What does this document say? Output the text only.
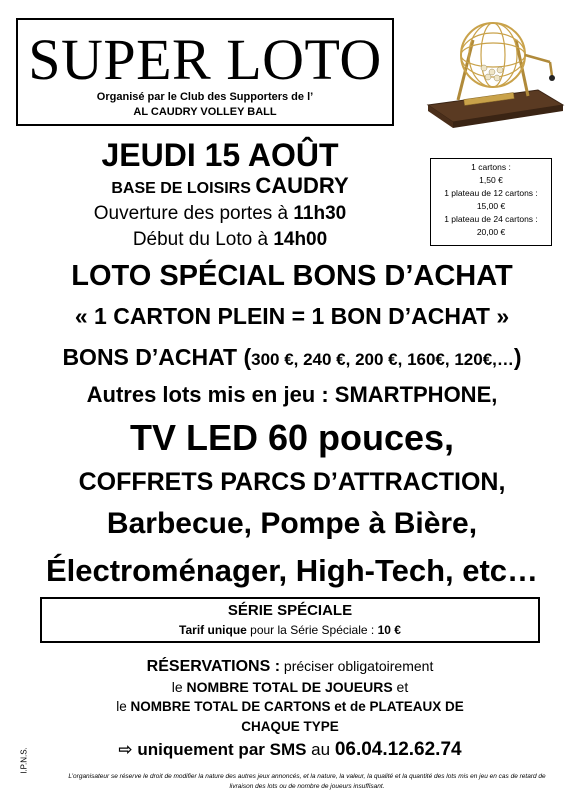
SUPER LOTO
Organisé par le Club des Supporters de l’
AL CAUDRY VOLLEY BALL
JEUDI 15 AOÛT
BASE DE LOISIRS CAUDRY
Ouverture des portes à 11h30
Début du Loto à 14h00
1 cartons :
1,50 €
1 plateau de 12 cartons :
15,00 €
1 plateau de 24 cartons :
20,00 €
LOTO SPÉCIAL BONS D’ACHAT
« 1 CARTON PLEIN = 1 BON D’ACHAT »
BONS D’ACHAT (300 €, 240 €, 200 €, 160€, 120€,…)
Autres lots mis en jeu : SMARTPHONE,
TV LED 60 pouces,
COFFRETS PARCS D’ATTRACTION,
Barbecue, Pompe à Bière,
Électroménager, High-Tech, etc…
SÉRIE SPÉCIALE
Tarif unique pour la Série Spéciale : 10 €
RÉSERVATIONS : préciser obligatoirement
le NOMBRE TOTAL DE JOUEURS et
le NOMBRE TOTAL DE CARTONS et de PLATEAUX DE
CHAQUE TYPE
⇨ uniquement par SMS au 06.04.12.62.74
I.P.N.S.
L’organisateur se réserve le droit de modifier la nature des autres jeux annoncés, et la nature, la valeur, la qualité et la quantité des lots mis en jeu en cas de retard de livraison des lots ou de nombre de joueurs insuffisant.
